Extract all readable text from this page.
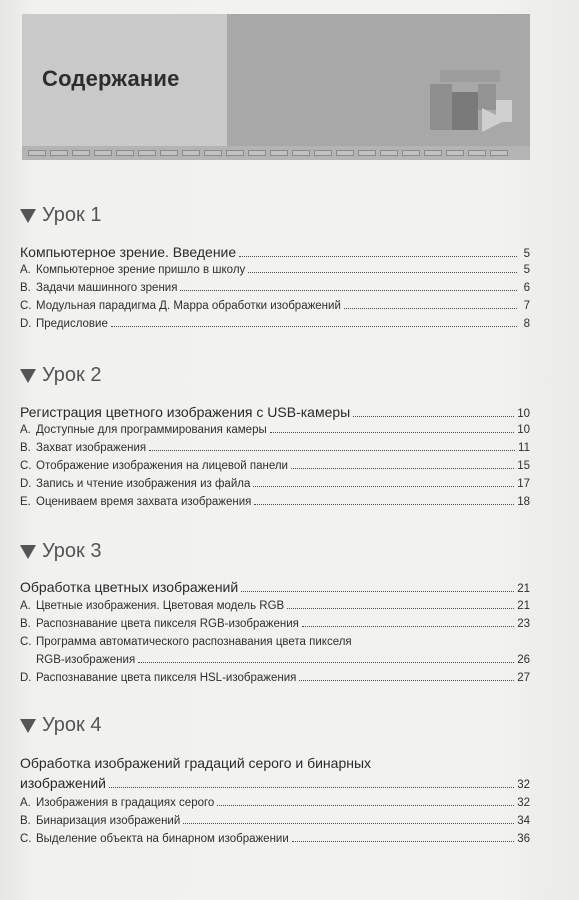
Содержание
Урок 1
Компьютерное зрение. Введение	5
A. Компьютерное зрение пришло в школу	5
B. Задачи машинного зрения	6
C. Модульная парадигма Д. Марра обработки изображений	7
D. Предисловие	8
Урок 2
Регистрация цветного изображения с USB-камеры	10
A. Доступные для программирования камеры	10
B. Захват изображения	11
C. Отображение изображения на лицевой панели	15
D. Запись и чтение изображения из файла	17
E. Оцениваем время захвата изображения	18
Урок 3
Обработка цветных изображений	21
A. Цветные изображения. Цветовая модель RGB	21
B. Распознавание цвета пикселя RGB-изображения	23
C. Программа автоматического распознавания цвета пикселя
RGB-изображения	26
D. Распознавание цвета пикселя HSL-изображения	27
Урок 4
Обработка изображений градаций серого и бинарных
изображений	32
A. Изображения в градациях серого	32
B. Бинаризация изображений	34
C. Выделение объекта на бинарном изображении	36
